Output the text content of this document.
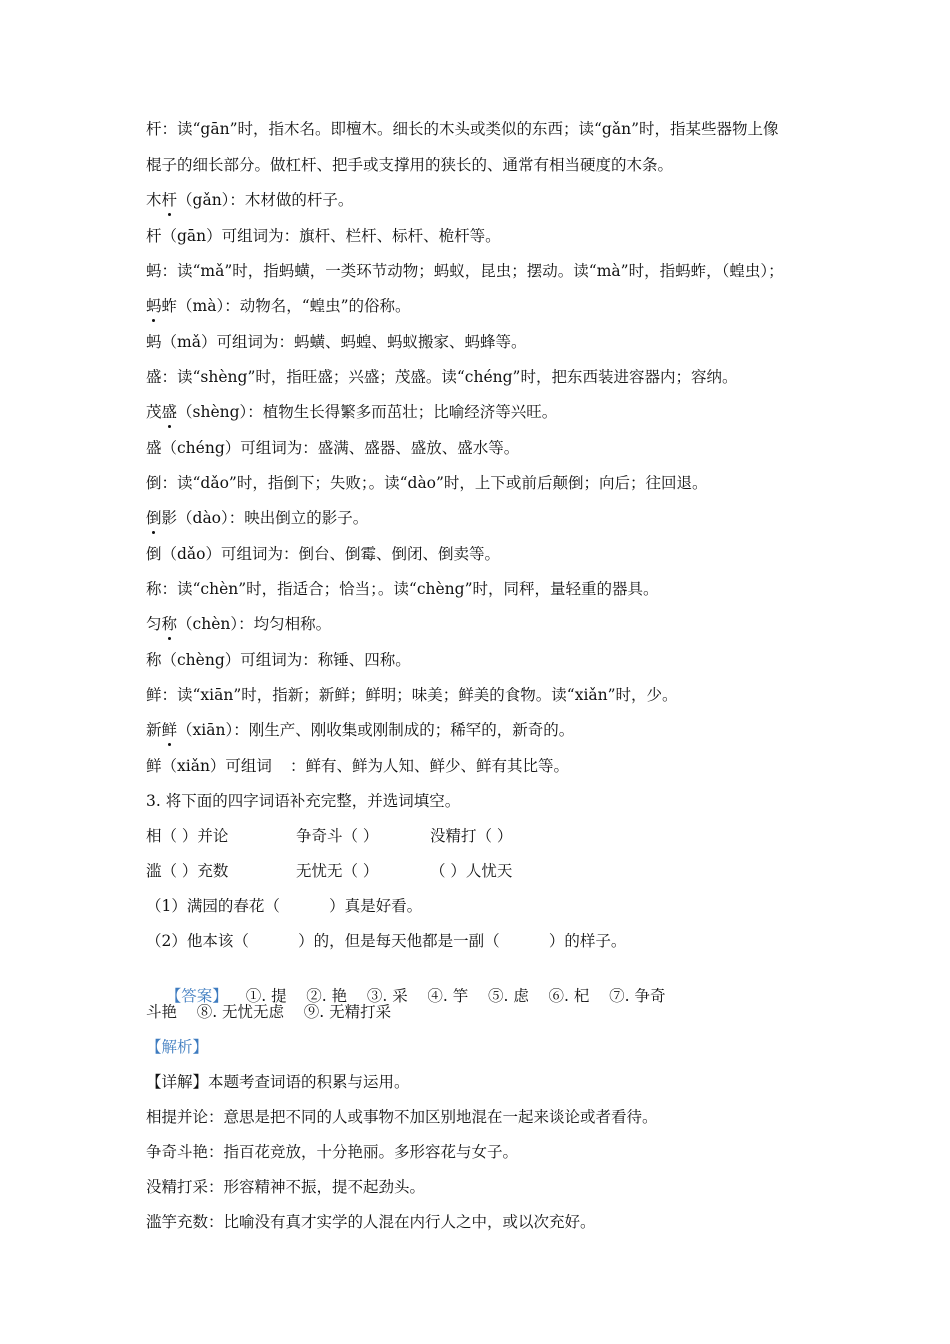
杆：读“gān”时，指木名。即檀木。细长的木头或类似的东西；读“gǎn”时，指某些器物上像
棍子的细长部分。做杠杆、把手或支撑用的狭长的、通常有相当硬度的木条。
木杆（gǎn）：木材做的杆子。
杆（gān）可组词为：旗杆、栏杆、标杆、桅杆等。
蚂：读“mǎ”时，指蚂蟥，一类环节动物；蚂蚁，昆虫；摆动。读“mà”时，指蚂蚱，（蝗虫）；
蚂蚱（mà）：动物名，“蝗虫”的俗称。
蚂（mǎ）可组词为：蚂蟥、蚂蝗、蚂蚁搬家、蚂蜂等。
盛：读“shèng”时，指旺盛；兴盛；茂盛。读“chéng”时，把东西装进容器内；容纳。
茂盛（shèng）：植物生长得繁多而茁壮；比喻经济等兴旺。
盛（chéng）可组词为：盛满、盛器、盛放、盛水等。
倒：读“dǎo”时，指倒下；失败；。读“dào”时，上下或前后颠倒；向后；往回退。
倒影（dào）：映出倒立的影子。
倒（dǎo）可组词为：倒台、倒霉、倒闭、倒卖等。
称：读“chèn”时，指适合；恰当；。读“chèng”时，同秤，量轻重的器具。
匀称（chèn）：均匀相称。
称（chèng）可组词为：称锤、四称。
鲜：读“xiān”时，指新；新鲜；鲜明；味美；鲜美的食物。读“xiǎn”时，少。
新鲜（xiān）：刚生产、刚收集或刚制成的；稀罕的，新奇的。
鲜（xiǎn）可组词 ：鲜有、鲜为人知、鲜少、鲜有其比等。
3. 将下面的四字词语补充完整，并选词填空。
相（ ）并论	争奇斗（ ）	没精打（ ）
滥（ ）充数	无忧无（ ）	（ ）人忧天
（1）满园的春花（          ）真是好看。
（2）他本该（          ）的，但是每天他都是一副（          ）的样子。

【答案】 ①. 提    ②. 艳    ③. 采    ④. 竽    ⑤. 虑    ⑥. 杞    ⑦. 争奇

斗艳    ⑧. 无忧无虑    ⑨. 无精打采
【解析】
【详解】本题考查词语的积累与运用。
相提并论：意思是把不同的人或事物不加区别地混在一起来谈论或者看待。
争奇斗艳：指百花竞放，十分艳丽。多形容花与女子。
没精打采：形容精神不振，提不起劲头。
滥竽充数：比喻没有真才实学的人混在内行人之中，或以次充好。
